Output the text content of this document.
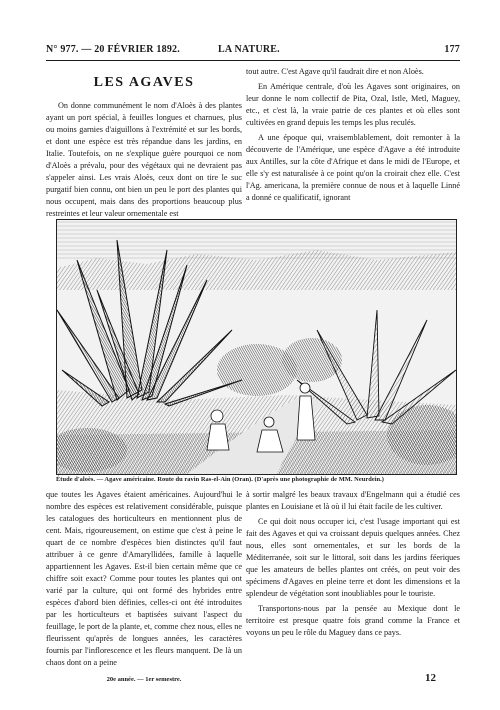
N° 977. — 20 FÉVRIER 1892.	LA NATURE.	177
LES AGAVES

On donne communément le nom d'Aloès à des plantes ayant un port spécial, à feuilles longues et charnues, plus ou moins garnies d'aiguillons à l'extrémité et sur les bords, et dont une espèce est très répandue dans les jardins, en Italie. Toutefois, on ne s'explique guère pourquoi ce nom d'Aloès a prévalu, pour des végétaux qui ne devraient pas s'appeler ainsi. Les vrais Aloès, ceux dont on tire le suc purgatif bien connu, ont bien un peu le port des plantes qui nous occupent, mais dans des proportions beaucoup plus restreintes et leur valeur ornementale est

tout autre. C'est Agave qu'il faudrait dire et non Aloès.

En Amérique centrale, d'où les Agaves sont originaires, on leur donne le nom collectif de Pita, Ozal, Istle, Metl, Maguey, etc., et c'est là, la vraie patrie de ces plantes et où elles sont cultivées en grand depuis les temps les plus reculés.

A une époque qui, vraisemblablement, doit remonter à la découverte de l'Amérique, une espèce d'Agave a été introduite aux Antilles, sur la côte d'Afrique et dans le midi de l'Europe, et elle s'y est naturalisée à ce point qu'on la croirait chez elle. C'est l'Ag. americana, la première connue de nous et à laquelle Linné a donné ce qualificatif, ignorant

Étude d'aloès. — Agave américaine. Route du ravin Ras-el-Ain (Oran). (D'après une photographie de MM. Neurdein.)

que toutes les Agaves étaient américaines. Aujourd'hui le nombre des espèces est relativement considérable, puisque les catalogues des horticulteurs en mentionnent plus de cent. Mais, rigoureusement, on estime que c'est à peine le quart de ce nombre d'espèces bien distinctes qu'il faut attribuer à ce genre d'Amaryllidées, famille à laquelle appartiennent les Agaves. Est-il bien certain même que ce chiffre soit exact? Comme pour toutes les plantes qui ont varié par la culture, qui ont formé des hybrides entre espèces d'abord bien définies, celles-ci ont été introduites par les horticulteurs et baptisées suivant l'aspect du feuillage, le port de la plante, et, comme chez nous, elles ne fleurissent qu'après de longues années, les caractères fournis par l'inflorescence et les fleurs manquent. De là un chaos dont on a peine

à sortir malgré les beaux travaux d'Engelmann qui a étudié ces plantes en Louisiane et là où il lui était facile de les cultiver.

Ce qui doit nous occuper ici, c'est l'usage important qui est fait des Agaves et qui va croissant depuis quelques années. Chez nous, elles sont ornementales, et sur les bords de la Méditerranée, soit sur le littoral, soit dans les jardins féeriques que les amateurs de belles plantes ont créés, on peut voir des spécimens d'Agaves en pleine terre et dont les dimensions et la splendeur de végétation sont inoubliables pour le touriste.

Transportons-nous par la pensée au Mexique dont le territoire est presque quatre fois grand comme la France et voyons un peu le rôle du Maguey dans ce pays.

20e année. — 1er semestre.	12
